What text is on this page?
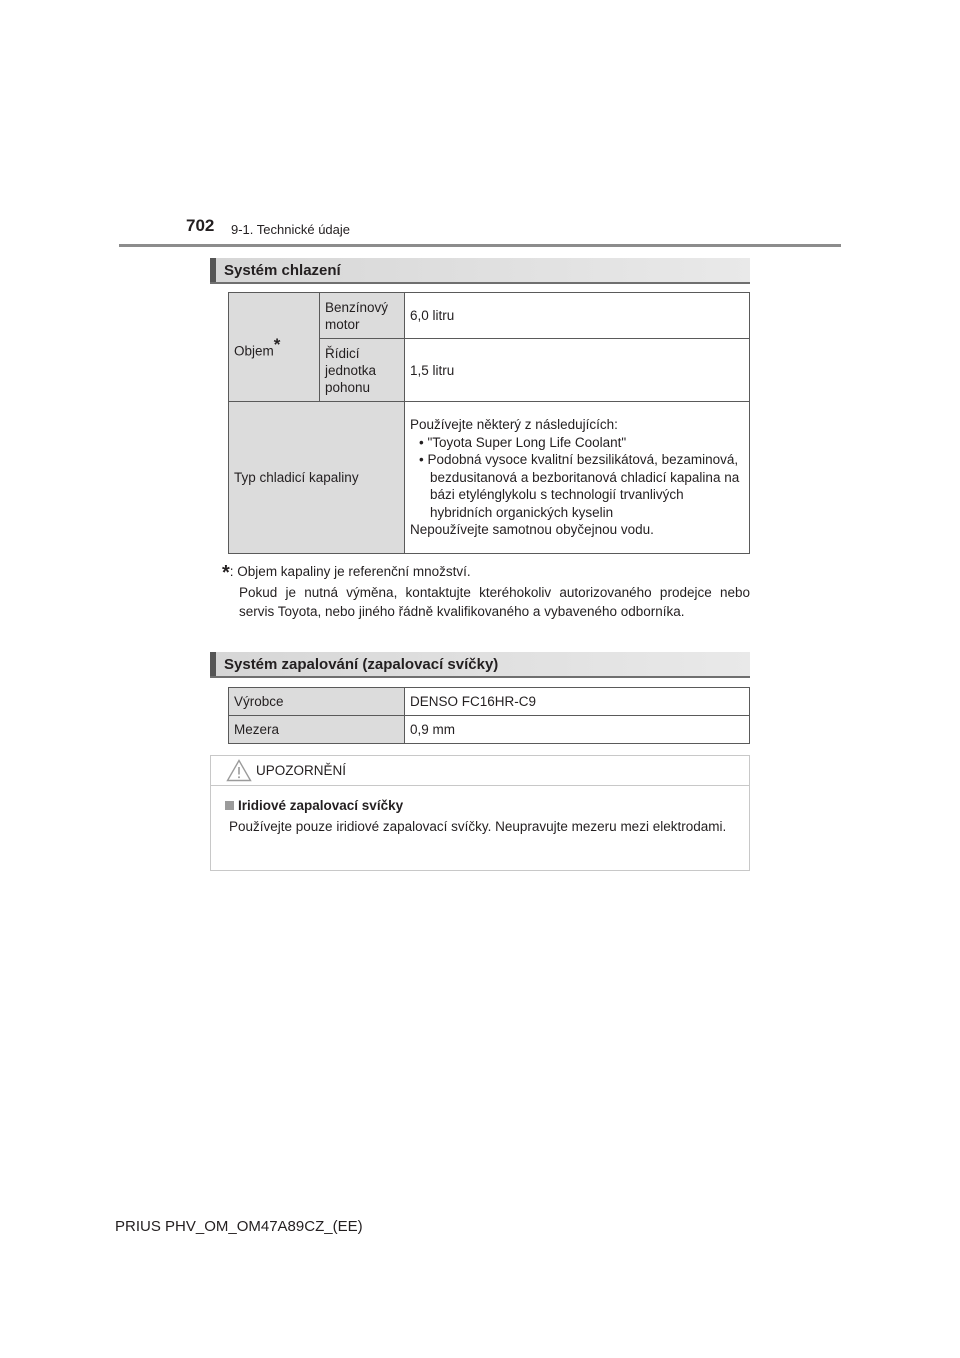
702 9-1. Technické údaje
Systém chlazení
Objem*	Benzínový motor	6,0 litru
	Řídicí jednotka pohonu	1,5 litru
Typ chladicí kapaliny		Používejte některý z následujících:
• "Toyota Super Long Life Coolant"
• Podobná vysoce kvalitní bezsilikátová, bezaminová, bezdusitanová a bezboritanová chladicí kapalina na bázi etylénglykolu s technologií trvanlivých hybridních organických kyselin
Nepoužívejte samotnou obyčejnou vodu.
*: Objem kapaliny je referenční množství.
Pokud je nutná výměna, kontaktujte kteréhokoliv autorizovaného prodejce nebo servis Toyota, nebo jiného řádně kvalifikovaného a vybaveného odborníka.
Systém zapalování (zapalovací svíčky)
Výrobce	DENSO FC16HR-C9
Mezera	0,9 mm
UPOZORNĚNÍ
Iridiové zapalovací svíčky
Používejte pouze iridiové zapalovací svíčky. Neupravujte mezeru mezi elektrodami.
PRIUS PHV_OM_OM47A89CZ_(EE)
